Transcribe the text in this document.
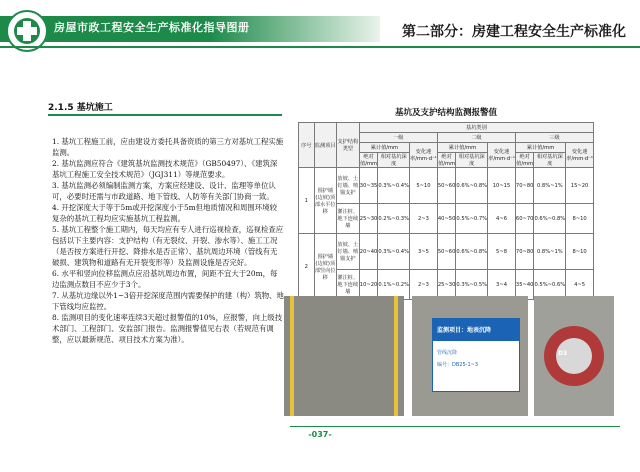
房屋市政工程安全生产标准化指导图册	第二部分：房建工程安全生产标准化
2.1.5 基坑施工

1. 基坑工程施工前，应由建设方委托具备资质的第三方对基坑工程实施监测。

2. 基坑监测应符合《建筑基坑监测技术规范》（GB50497）、《建筑深基坑工程施工安全技术规范》（JGJ311）等规范要求。

3. 基坑监测必须编制监测方案，方案应经建设、设计、监理等单位认可，必要时还需与市政道路、地下管线、人防等有关部门协商一致。

4. 开挖深度大于等于5m或开挖深度小于5m但地质情况和周围环境较复杂的基坑工程均应实施基坑工程监测。

5. 基坑工程整个施工期内，每天均应有专人进行巡视检查，巡视检查应包括以下主要内容：支护结构（有无裂纹、开裂、渗水等）、施工工况（是否按方案进行开挖、降排水是否正常）、基坑周边环境（管线有无破损、建筑物和道路有无开裂变形等）及监测设施是否完好。

6. 水平和竖向位移监测点应沿基坑周边布置，间距不宜大于20m，每边监测点数目不应少于3个。

7. 从基坑边缘以外1~3倍开挖深度范围内需要保护的建（构）筑物、地下管线均应监控。

8. 监测项目的变化速率连续3天超过报警值的10%，应报警，向上级技术部门、工程部门、安监部门报告。监测报警值见右表（若规范有调整，应以最新规范、项目技术方案为准）。

基坑及支护结构监测报警值
序号	监测项目	支护结构类型	基坑类别								
			一级			二级			三级		
			累计值/mm		变化速率/mm·d⁻¹	累计值/mm		变化速率/mm·d⁻¹	累计值/mm		变化速率/mm·d⁻¹
			绝对值/mm	相对基坑深度		绝对值/mm	相对基坑深度		绝对值/mm	相对基坑深度	
1	围护墙(边坡)顶部水平位移	放坡、土钉墙、喷锚支护	30~35	0.3%~0.4%	5~10	50~60	0.6%~0.8%	10~15	70~80	0.8%~1%	15~20
		灌注桩、地下连续墙	25~30	0.2%~0.3%	2~3	40~50	0.5%~0.7%	4~6	60~70	0.6%~0.8%	8~10
2	围护墙(边坡)顶部竖向位移	放坡、土钉墙、喷锚支护	20~40	0.3%~0.4%	3~5	50~60	0.6%~0.8%	5~8	70~80	0.8%~1%	8~10
		灌注桩、地下连续墙	10~20	0.1%~0.2%	2~3	25~30	0.3%~0.5%	3~4	35~40	0.5%~0.6%	4~5
监测项目：地表沉降
管线沉降
编号：DB25-1~3
D3
-037-
